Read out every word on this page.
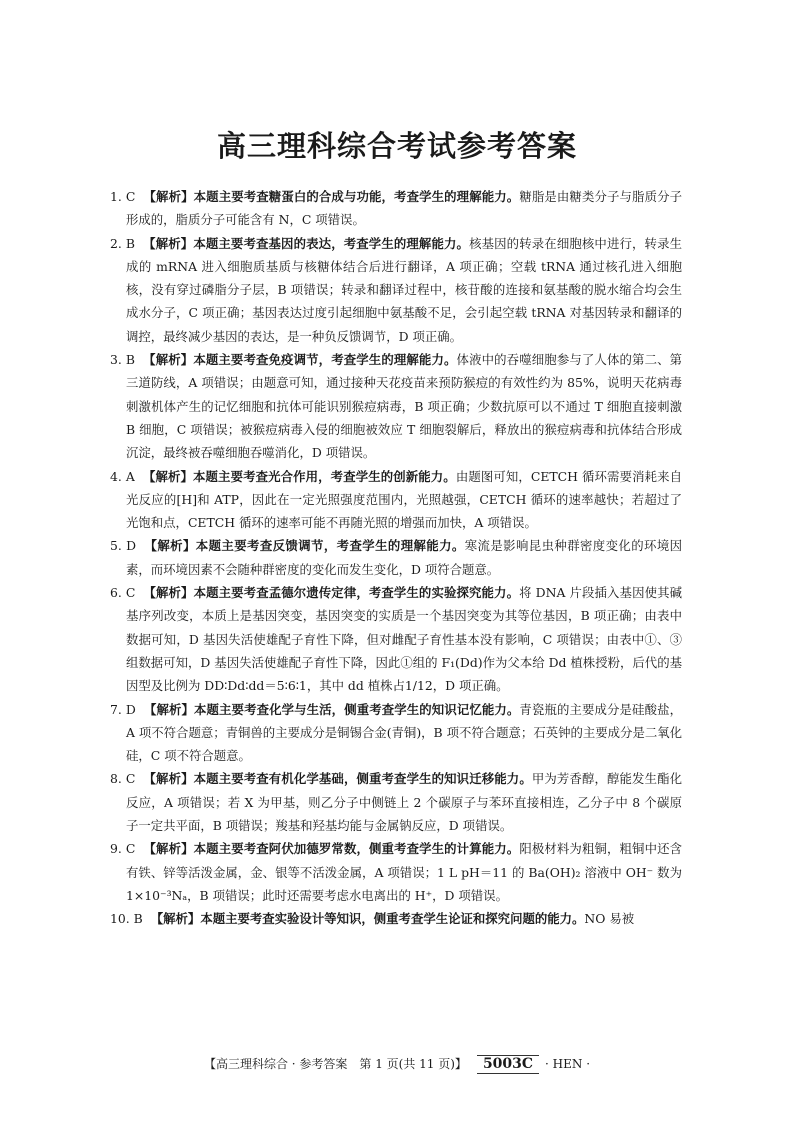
高三理科综合考试参考答案
1. C 【解析】本题主要考查糖蛋白的合成与功能，考查学生的理解能力。糖脂是由糖类分子与脂质分子形成的，脂质分子可能含有 N，C 项错误。
2. B 【解析】本题主要考查基因的表达，考查学生的理解能力。核基因的转录在细胞核中进行，转录生成的 mRNA 进入细胞质基质与核糖体结合后进行翻译，A 项正确；空载 tRNA 通过核孔进入细胞核，没有穿过磷脂分子层，B 项错误；转录和翻译过程中，核苷酸的连接和氨基酸的脱水缩合均会生成水分子，C 项正确；基因表达过度引起细胞中氨基酸不足，会引起空载 tRNA 对基因转录和翻译的调控，最终减少基因的表达，是一种负反馈调节，D 项正确。
3. B 【解析】本题主要考查免疫调节，考查学生的理解能力。体液中的吞噬细胞参与了人体的第二、第三道防线，A 项错误；由题意可知，通过接种天花疫苗来预防猴痘的有效性约为 85%，说明天花病毒刺激机体产生的记忆细胞和抗体可能识别猴痘病毒，B 项正确；少数抗原可以不通过 T 细胞直接刺激 B 细胞，C 项错误；被猴痘病毒入侵的细胞被效应 T 细胞裂解后，释放出的猴痘病毒和抗体结合形成沉淀，最终被吞噬细胞吞噬消化，D 项错误。
4. A 【解析】本题主要考查光合作用，考查学生的创新能力。由题图可知，CETCH 循环需要消耗来自光反应的[H]和 ATP，因此在一定光照强度范围内，光照越强，CETCH 循环的速率越快；若超过了光饱和点，CETCH 循环的速率可能不再随光照的增强而加快，A 项错误。
5. D 【解析】本题主要考查反馈调节，考查学生的理解能力。寒流是影响昆虫种群密度变化的环境因素，而环境因素不会随种群密度的变化而发生变化，D 项符合题意。
6. C 【解析】本题主要考查孟德尔遗传定律，考查学生的实验探究能力。将 DNA 片段插入基因使其碱基序列改变，本质上是基因突变，基因突变的实质是一个基因突变为其等位基因，B 项正确；由表中数据可知，D 基因失活使雄配子育性下降，但对雌配子育性基本没有影响，C 项错误；由表中①、③组数据可知，D 基因失活使雄配子育性下降，因此①组的 F₁(Dd)作为父本给 Dd 植株授粉，后代的基因型及比例为 DD∶Dd∶dd＝5∶6∶1，其中 dd 植株占1/12，D 项正确。
7. D 【解析】本题主要考查化学与生活，侧重考查学生的知识记忆能力。青瓷瓶的主要成分是硅酸盐，A 项不符合题意；青铜兽的主要成分是铜锡合金(青铜)，B 项不符合题意；石英钟的主要成分是二氧化硅，C 项不符合题意。
8. C 【解析】本题主要考查有机化学基础，侧重考查学生的知识迁移能力。甲为芳香醇，醇能发生酯化反应，A 项错误；若 X 为甲基，则乙分子中侧链上 2 个碳原子与苯环直接相连，乙分子中 8 个碳原子一定共平面，B 项错误；羧基和羟基均能与金属钠反应，D 项错误。
9. C 【解析】本题主要考查阿伏加德罗常数，侧重考查学生的计算能力。阳极材料为粗铜，粗铜中还含有铁、锌等活泼金属，金、银等不活泼金属，A 项错误；1 L pH＝11 的 Ba(OH)₂ 溶液中 OH⁻ 数为 1×10⁻³Nₐ，B 项错误；此时还需要考虑水电离出的 H⁺，D 项错误。
10. B 【解析】本题主要考查实验设计等知识，侧重考查学生论证和探究问题的能力。NO 易被
【高三理科综合 · 参考答案　第 1 页(共 11 页)】 5003C · HEN ·
